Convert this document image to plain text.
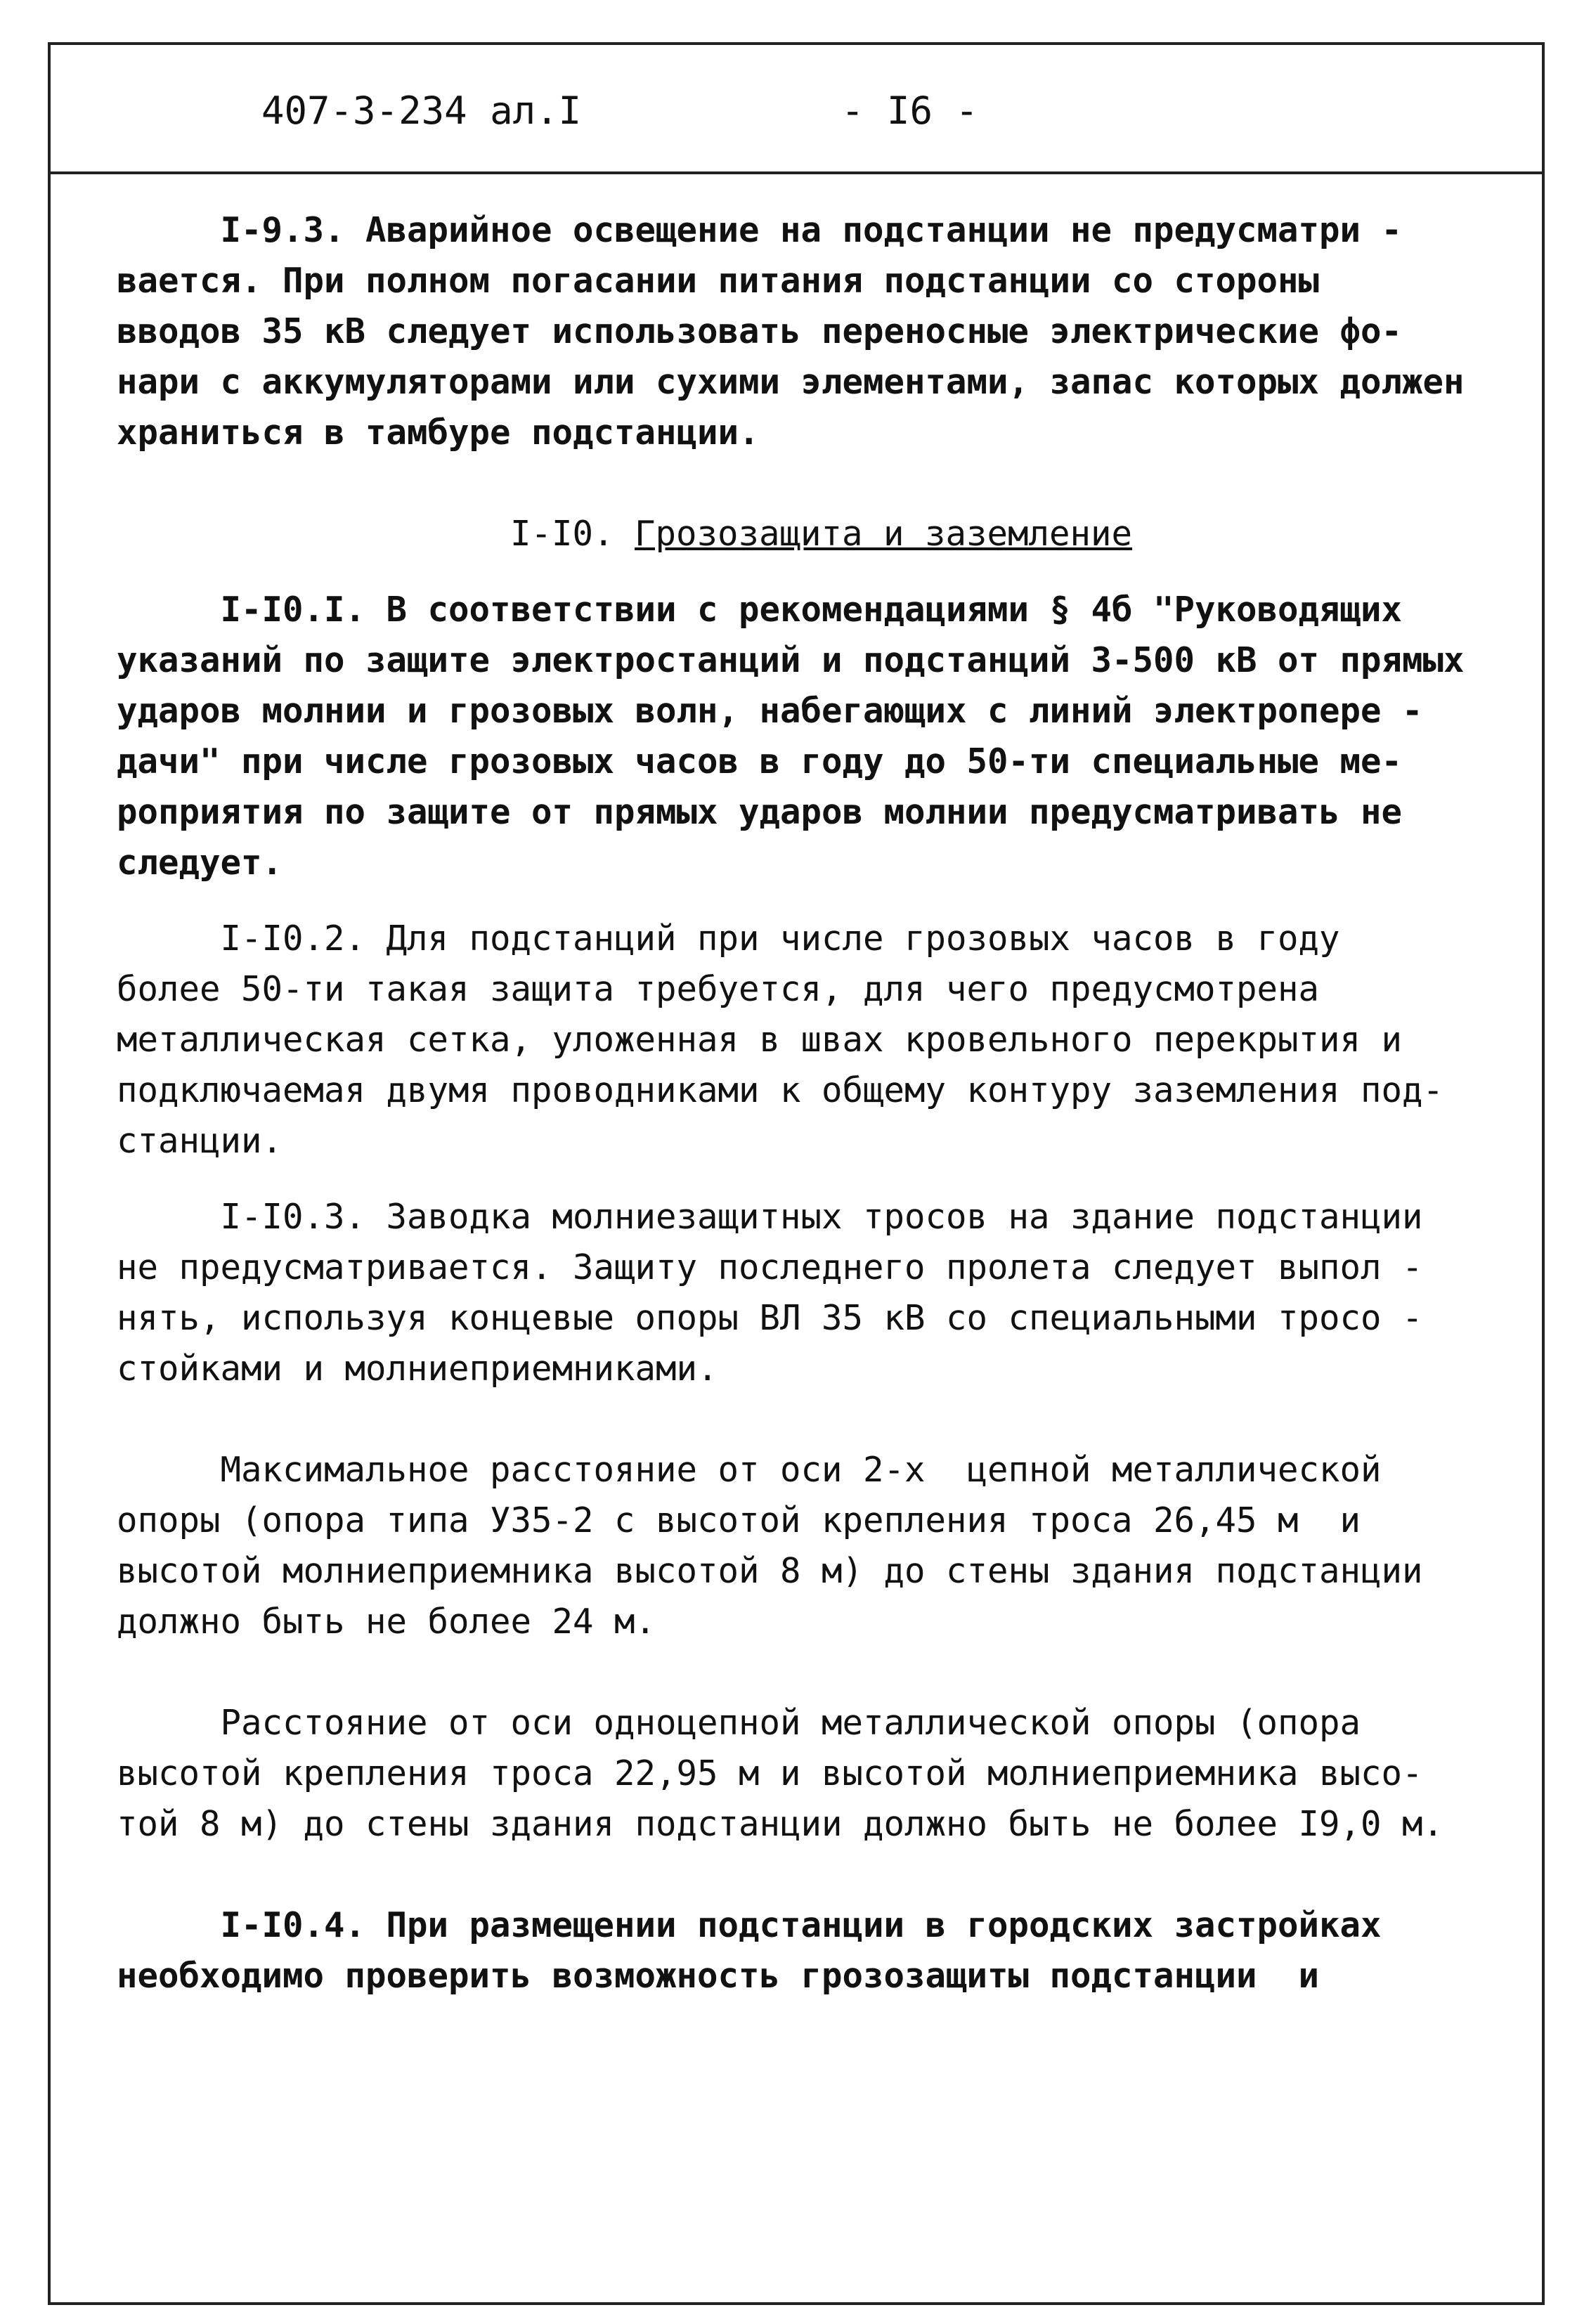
407-3-234 ал.I	- I6 -

I-9.3. Аварийное освещение на подстанции не предусматри -

вается. При полном погасании питания подстанции со стороны

вводов 35 кВ следует использовать переносные электрические фо-

нари с аккумуляторами или сухими элементами, запас которых должен

храниться в тамбуре подстанции.

I-I0. Грозозащита и заземление

I-I0.I. В соответствии с рекомендациями § 4б "Руководящих

указаний по защите электростанций и подстанций 3-500 кВ от прямых

ударов молнии и грозовых волн, набегающих с линий электропере -

дачи" при числе грозовых часов в году до 50-ти специальные ме-

роприятия по защите от прямых ударов молнии предусматривать не

следует.

I-I0.2. Для подстанций при числе грозовых часов в году

более 50-ти такая защита требуется, для чего предусмотрена

металлическая сетка, уложенная в швах кровельного перекрытия и

подключаемая двумя проводниками к общему контуру заземления под-

станции.

I-I0.3. Заводка молниезащитных тросов на здание подстанции

не предусматривается. Защиту последнего пролета следует выпол -

нять, используя концевые опоры ВЛ 35 кВ со специальными тросо -

стойками и молниеприемниками.

Максимальное расстояние от оси 2-х  цепной металлической

опоры (опора типа У35-2 с высотой крепления троса 26,45 м  и

высотой молниеприемника высотой 8 м) до стены здания подстанции

должно быть не более 24 м.

Расстояние от оси одноцепной металлической опоры (опора

высотой крепления троса 22,95 м и высотой молниеприемника высо-

той 8 м) до стены здания подстанции должно быть не более I9,0 м.

I-I0.4. При размещении подстанции в городских застройках

необходимо проверить возможность грозозащиты подстанции  и
